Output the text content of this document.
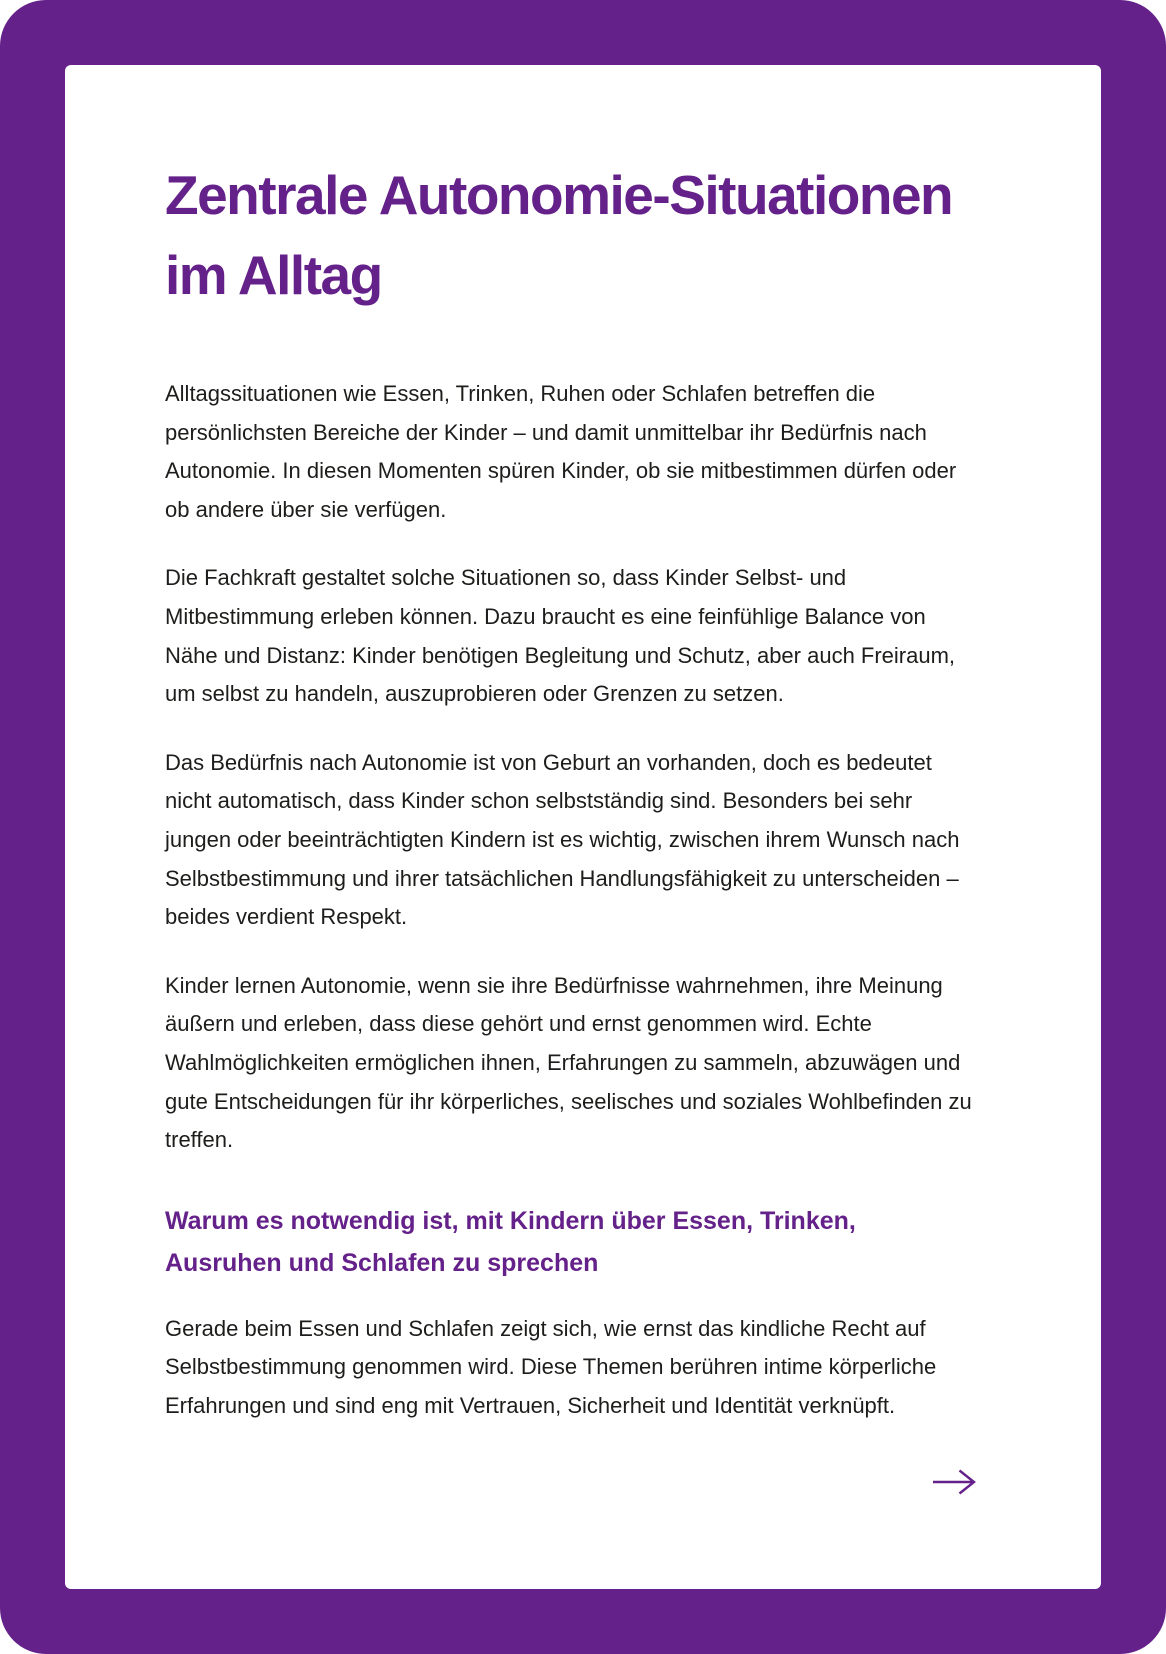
Zentrale Autonomie-Situationen
im Alltag

Alltagssituationen wie Essen, Trinken, Ruhen oder Schlafen betreffen die persönlichsten Bereiche der Kinder – und damit unmittelbar ihr Bedürfnis nach Autonomie. In diesen Momenten spüren Kinder, ob sie mitbestimmen dürfen oder ob andere über sie verfügen.

Die Fachkraft gestaltet solche Situationen so, dass Kinder Selbst- und Mitbestimmung erleben können. Dazu braucht es eine feinfühlige Balance von Nähe und Distanz: Kinder benötigen Begleitung und Schutz, aber auch Freiraum, um selbst zu handeln, auszuprobieren oder Grenzen zu setzen.

Das Bedürfnis nach Autonomie ist von Geburt an vorhanden, doch es bedeutet nicht automatisch, dass Kinder schon selbstständig sind. Besonders bei sehr jungen oder beeinträchtigten Kindern ist es wichtig, zwischen ihrem Wunsch nach Selbstbestimmung und ihrer tatsächlichen Handlungsfähigkeit zu unterscheiden – beides verdient Respekt.

Kinder lernen Autonomie, wenn sie ihre Bedürfnisse wahrnehmen, ihre Meinung äußern und erleben, dass diese gehört und ernst genommen wird. Echte Wahlmöglichkeiten ermöglichen ihnen, Erfahrungen zu sammeln, abzuwägen und gute Entscheidungen für ihr körperliches, seelisches und soziales Wohlbefinden zu treffen.

Warum es notwendig ist, mit Kindern über Essen, Trinken,
Ausruhen und Schlafen zu sprechen

Gerade beim Essen und Schlafen zeigt sich, wie ernst das kindliche Recht auf Selbstbestimmung genommen wird. Diese Themen berühren intime körperliche Erfahrungen und sind eng mit Vertrauen, Sicherheit und Identität verknüpft.
